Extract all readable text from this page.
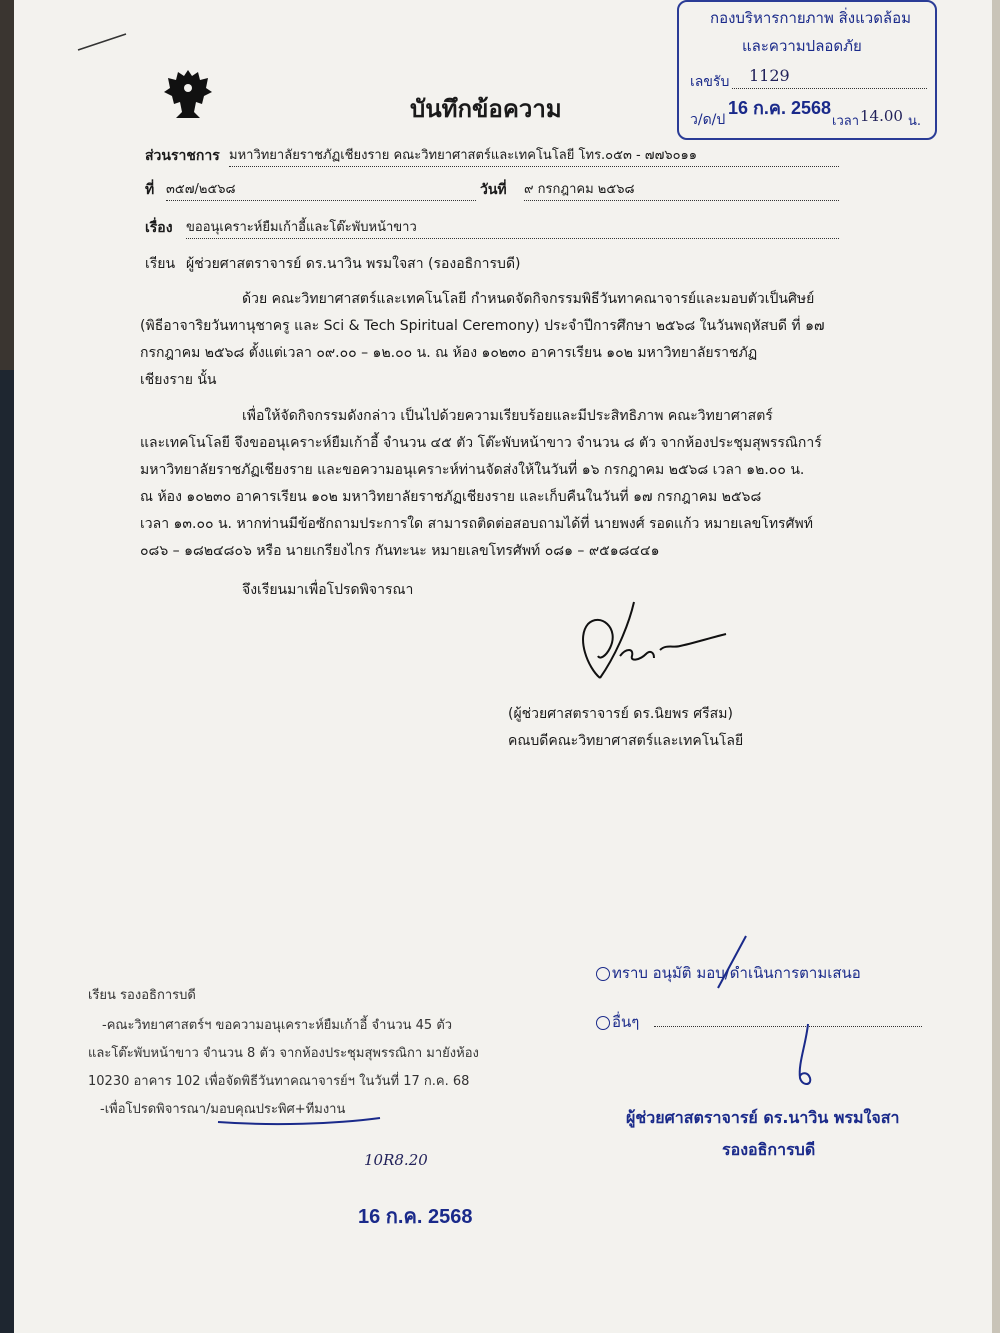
กองบริหารกายภาพ สิ่งแวดล้อม
และความปลอดภัย
เลขรับ 1129
ว/ด/ป
16 ก.ค. 2568
เวลา 14.00 น.
บันทึกข้อความ
ส่วนราชการ มหาวิทยาลัยราชภัฏเชียงราย คณะวิทยาศาสตร์และเทคโนโลยี โทร.๐๕๓ - ๗๗๖๐๑๑
ที่ ๓๕๗/๒๕๖๘	วันที่ ๙ กรกฎาคม ๒๕๖๘
เรื่อง ขออนุเคราะห์ยืมเก้าอี้และโต๊ะพับหน้าขาว
เรียน ผู้ช่วยศาสตราจารย์ ดร.นาวิน พรมใจสา (รองอธิการบดี)
ด้วย คณะวิทยาศาสตร์และเทคโนโลยี กำหนดจัดกิจกรรมพิธีวันทาคณาจารย์และมอบตัวเป็นศิษย์
(พิธีอาจาริยวันทานุชาครู และ Sci & Tech Spiritual Ceremony) ประจำปีการศึกษา ๒๕๖๘ ในวันพฤหัสบดี ที่ ๑๗
กรกฎาคม ๒๕๖๘ ตั้งแต่เวลา ๐๙.๐๐ – ๑๒.๐๐ น. ณ ห้อง ๑๐๒๓๐ อาคารเรียน ๑๐๒ มหาวิทยาลัยราชภัฏ
เชียงราย นั้น
เพื่อให้จัดกิจกรรมดังกล่าว เป็นไปด้วยความเรียบร้อยและมีประสิทธิภาพ คณะวิทยาศาสตร์
และเทคโนโลยี จึงขออนุเคราะห์ยืมเก้าอี้ จำนวน ๔๕ ตัว โต๊ะพับหน้าขาว จำนวน ๘ ตัว จากห้องประชุมสุพรรณิการ์
มหาวิทยาลัยราชภัฏเชียงราย และขอความอนุเคราะห์ท่านจัดส่งให้ในวันที่ ๑๖ กรกฎาคม ๒๕๖๘ เวลา ๑๒.๐๐ น.
ณ ห้อง ๑๐๒๓๐ อาคารเรียน ๑๐๒ มหาวิทยาลัยราชภัฏเชียงราย และเก็บคืนในวันที่ ๑๗ กรกฎาคม ๒๕๖๘
เวลา ๑๓.๐๐ น. หากท่านมีข้อซักถามประการใด สามารถติดต่อสอบถามได้ที่ นายพงศ์ รอดแก้ว หมายเลขโทรศัพท์
๐๘๖ – ๑๘๒๔๘๐๖ หรือ นายเกรียงไกร กันทะนะ หมายเลขโทรศัพท์ ๐๘๑ – ๙๕๑๘๔๔๑
จึงเรียนมาเพื่อโปรดพิจารณา
(ผู้ช่วยศาสตราจารย์ ดร.นิยพร ศรีสม)
คณบดีคณะวิทยาศาสตร์และเทคโนโลยี
เรียน รองอธิการบดี
-คณะวิทยาศาสตร์ฯ ขอความอนุเคราะห์ยืมเก้าอี้ จำนวน 45 ตัว
และโต๊ะพับหน้าขาว จำนวน 8 ตัว จากห้องประชุมสุพรรณิกา มายังห้อง
10230 อาคาร 102 เพื่อจัดพิธีวันทาคณาจารย์ฯ ในวันที่ 17 ก.ค. 68
-เพื่อโปรดพิจารณา/มอบคุณประพิศ+ทีมงาน
10R8.20
16 ก.ค. 2568
ทราบ อนุมัติ มอบ/ดำเนินการตามเสนอ
อื่นๆ
ผู้ช่วยศาสตราจารย์ ดร.นาวิน พรมใจสา
รองอธิการบดี
